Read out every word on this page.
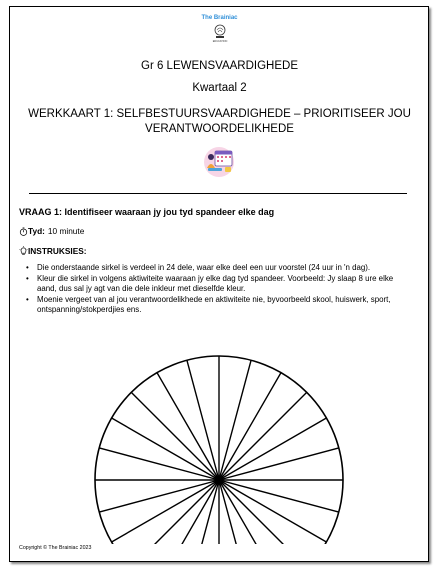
The Brainiac
EDUCATION
Gr 6 LEWENSVAARDIGHEDE
Kwartaal 2
WERKKAART 1: SELFBESTUURSVAARDIGHEDE – PRIORITISEER JOU VERANTWOORDELIKHEDE
VRAAG 1: Identifiseer waaraan jy jou tyd spandeer elke dag
Tyd: 10 minute
INSTRUKSIES:
• Die onderstaande sirkel is verdeel in 24 dele, waar elke deel een uur voorstel (24 uur in 'n dag).
• Kleur die sirkel in volgens aktiwiteite waaraan jy elke dag tyd spandeer. Voorbeeld: Jy slaap 8 ure elke aand, dus sal jy agt van die dele inkleur met dieselfde kleur.
• Moenie vergeet van al jou verantwoordelikhede en aktiwiteite nie, byvoorbeeld skool, huiswerk, sport, ontspanning/stokperdjies ens.
Copyright © The Brainiac 2023
